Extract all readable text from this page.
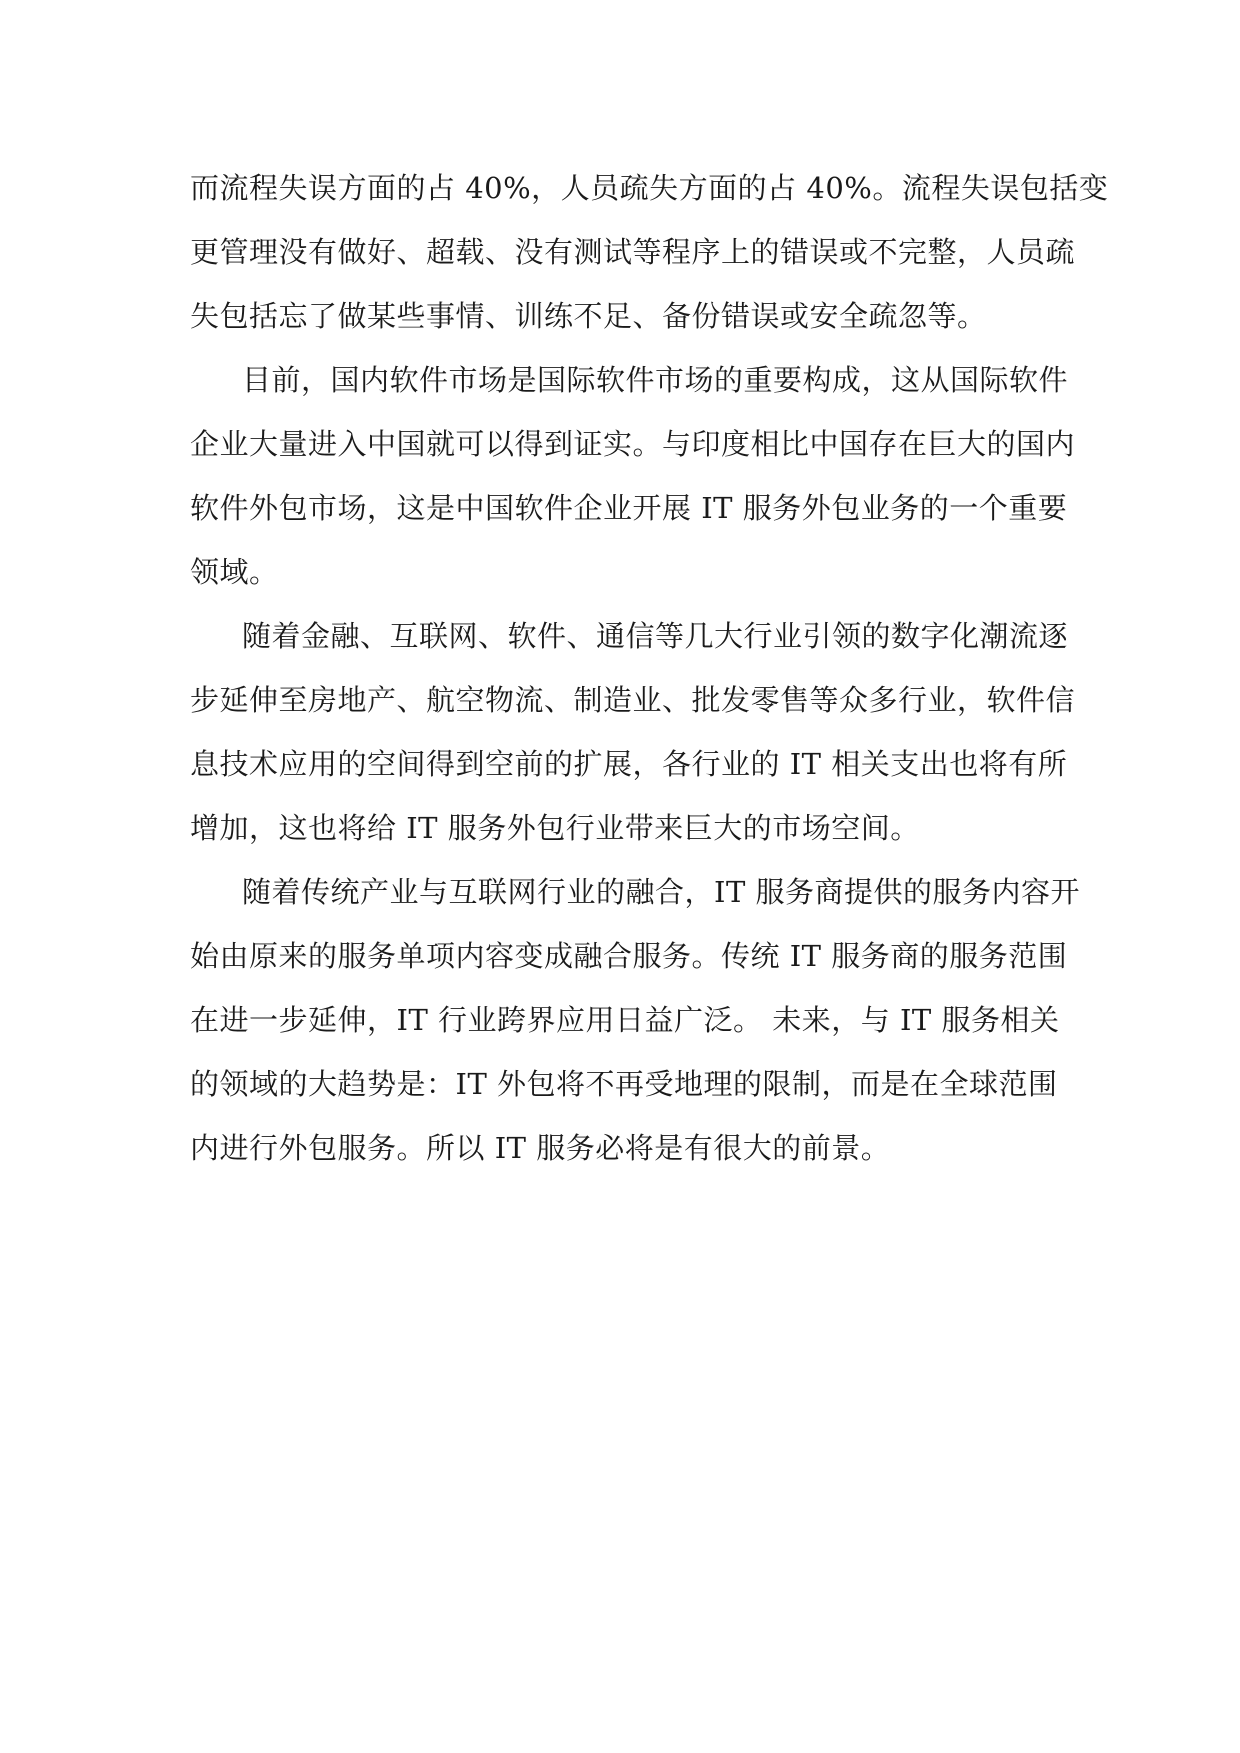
而流程失误方面的占 40%，人员疏失方面的占 40%。流程失误包括变
更管理没有做好、超载、没有测试等程序上的错误或不完整，人员疏
失包括忘了做某些事情、训练不足、备份错误或安全疏忽等。

目前，国内软件市场是国际软件市场的重要构成，这从国际软件
企业大量进入中国就可以得到证实。与印度相比中国存在巨大的国内
软件外包市场，这是中国软件企业开展 IT 服务外包业务的一个重要
领域。

随着金融、互联网、软件、通信等几大行业引领的数字化潮流逐
步延伸至房地产、航空物流、制造业、批发零售等众多行业，软件信
息技术应用的空间得到空前的扩展，各行业的 IT 相关支出也将有所
增加，这也将给 IT 服务外包行业带来巨大的市场空间。

随着传统产业与互联网行业的融合，IT 服务商提供的服务内容开
始由原来的服务单项内容变成融合服务。传统 IT 服务商的服务范围
在进一步延伸，IT 行业跨界应用日益广泛。 未来，与 IT 服务相关
的领域的大趋势是：IT 外包将不再受地理的限制，而是在全球范围
内进行外包服务。所以 IT 服务必将是有很大的前景。
